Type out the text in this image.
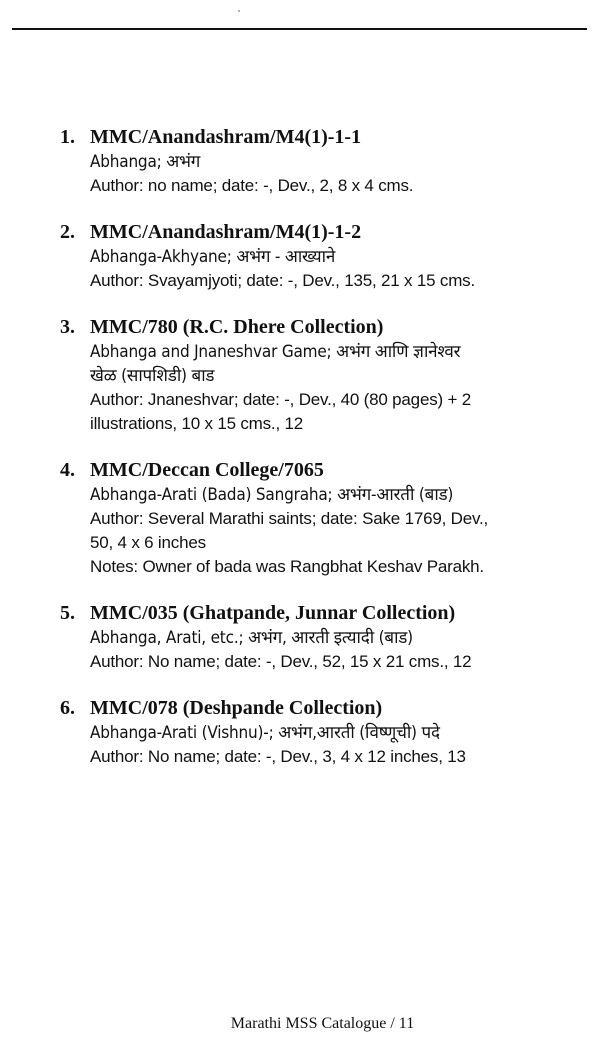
1. MMC/Anandashram/M4(1)-1-1
Abhanga; अभंग
Author: no name; date: -, Dev., 2, 8 x 4 cms.
2. MMC/Anandashram/M4(1)-1-2
Abhanga-Akhyane; अभंग - आख्याने
Author: Svayamjyoti; date: -, Dev., 135, 21 x 15 cms.
3. MMC/780 (R.C. Dhere Collection)
Abhanga and Jnaneshvar Game; अभंग आणि ज्ञानेश्वर
खेळ (सापशिडी) बाड
Author: Jnaneshvar; date: -, Dev., 40 (80 pages) + 2
illustrations, 10 x 15 cms., 12
4. MMC/Deccan College/7065
Abhanga-Arati (Bada) Sangraha; अभंग-आरती (बाड)
Author: Several Marathi saints; date: Sake 1769, Dev.,
50, 4 x 6 inches
Notes: Owner of bada was Rangbhat Keshav Parakh.
5. MMC/035 (Ghatpande, Junnar Collection)
Abhanga, Arati, etc.; अभंग, आरती इत्यादी (बाड)
Author: No name; date: -, Dev., 52, 15 x 21 cms., 12
6. MMC/078 (Deshpande Collection)
Abhanga-Arati (Vishnu)-; अभंग,आरती (विष्णूची) पदे
Author: No name; date: -, Dev., 3, 4 x 12 inches, 13
Marathi MSS Catalogue / 11
